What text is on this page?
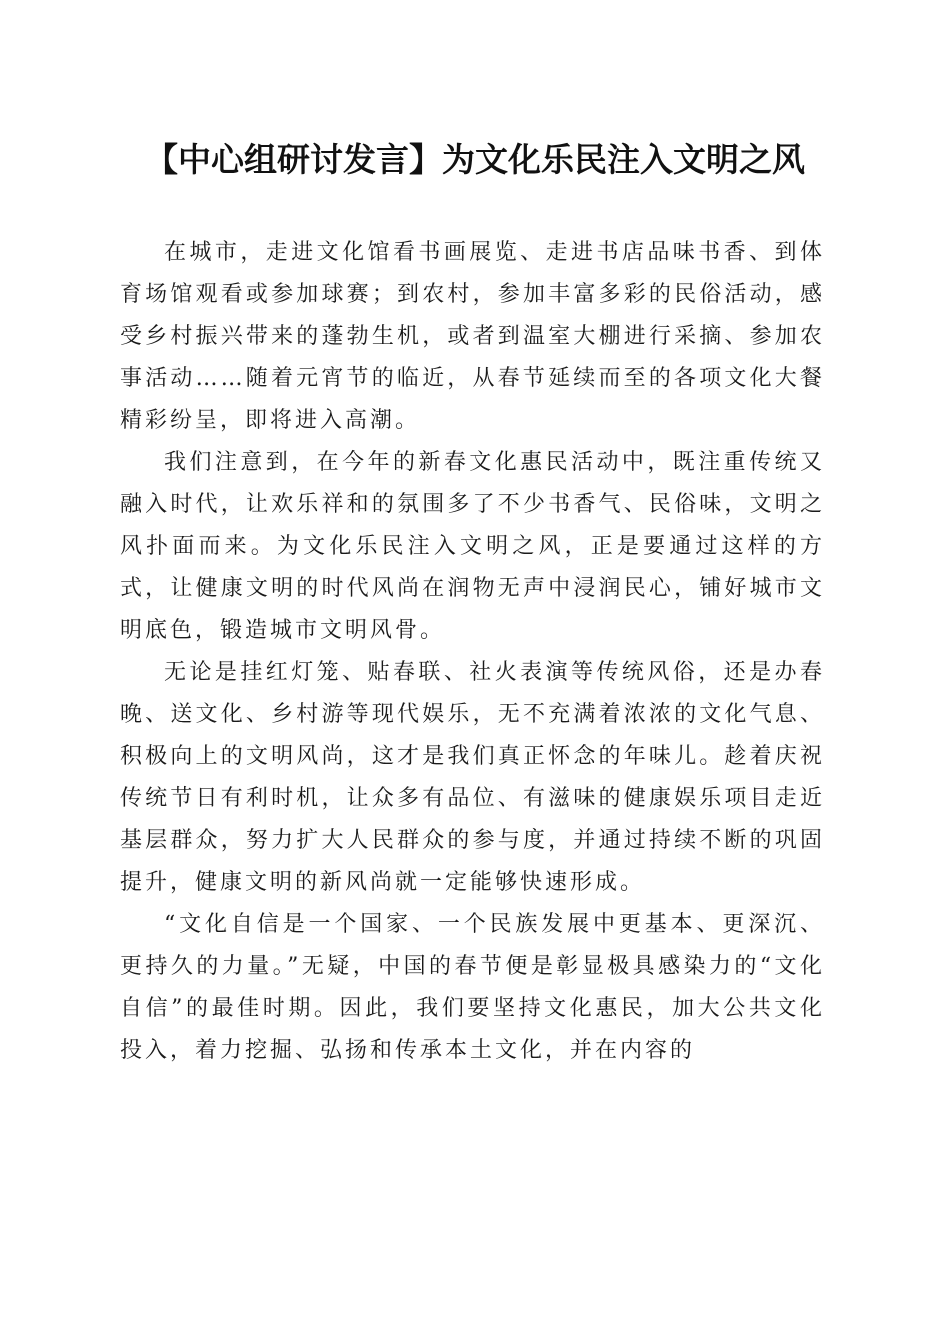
【中心组研讨发言】为文化乐民注入文明之风

在城市，走进文化馆看书画展览、走进书店品味书香、到体育场馆观看或参加球赛；到农村，参加丰富多彩的民俗活动，感受乡村振兴带来的蓬勃生机，或者到温室大棚进行采摘、参加农事活动……随着元宵节的临近，从春节延续而至的各项文化大餐精彩纷呈，即将进入高潮。

我们注意到，在今年的新春文化惠民活动中，既注重传统又融入时代，让欢乐祥和的氛围多了不少书香气、民俗味，文明之风扑面而来。为文化乐民注入文明之风，正是要通过这样的方式，让健康文明的时代风尚在润物无声中浸润民心，铺好城市文明底色，锻造城市文明风骨。

无论是挂红灯笼、贴春联、社火表演等传统风俗，还是办春晚、送文化、乡村游等现代娱乐，无不充满着浓浓的文化气息、积极向上的文明风尚，这才是我们真正怀念的年味儿。趁着庆祝传统节日有利时机，让众多有品位、有滋味的健康娱乐项目走近基层群众，努力扩大人民群众的参与度，并通过持续不断的巩固提升，健康文明的新风尚就一定能够快速形成。

“文化自信是一个国家、一个民族发展中更基本、更深沉、更持久的力量。”无疑，中国的春节便是彰显极具感染力的“文化自信”的最佳时期。因此，我们要坚持文化惠民，加大公共文化投入，着力挖掘、弘扬和传承本土文化，并在内容的
